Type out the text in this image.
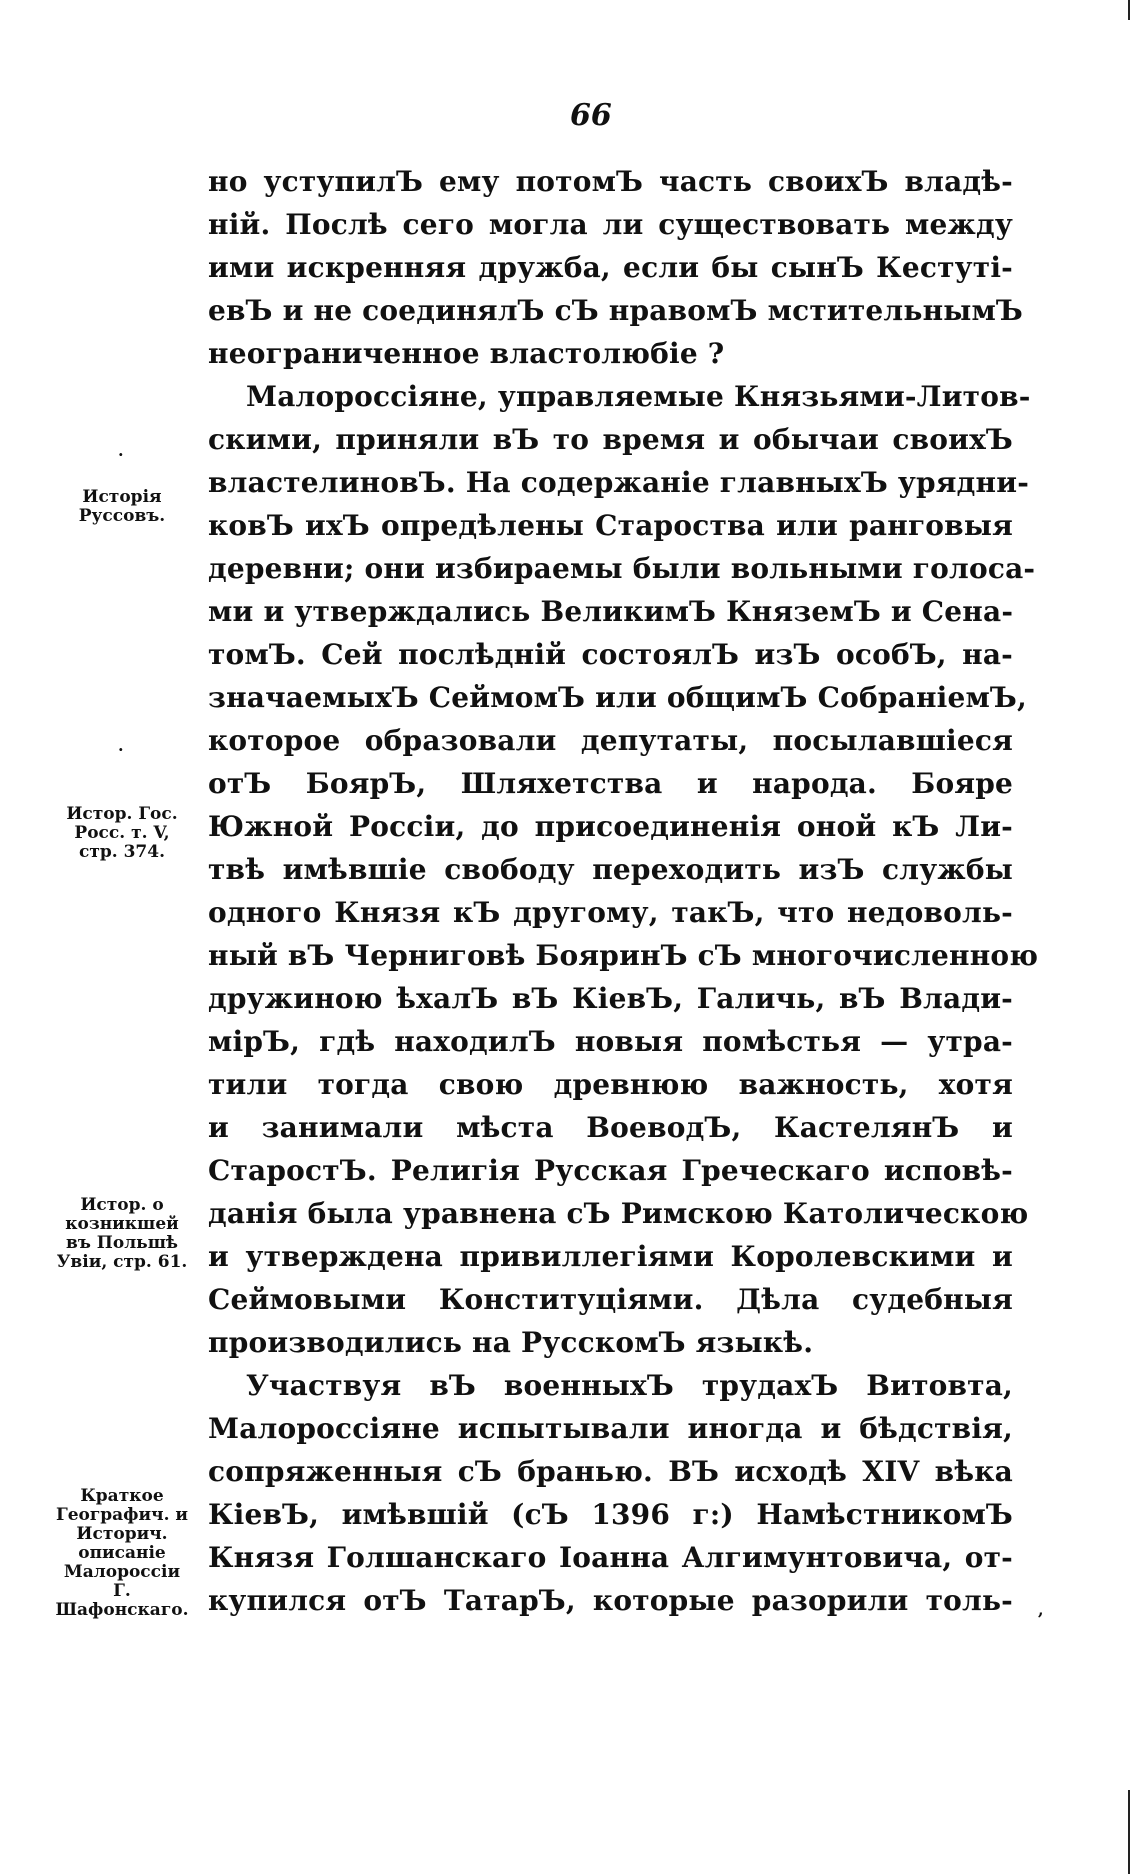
66
но уступилЪ ему потомЪ часть своихЪ владѣ-
ній. Послѣ сего могла ли существовать между
ими искренняя дружба, если бы сынЪ Кестутi-
евЪ и не соединялЪ сЪ нравомЪ мстительнымЪ
неограниченное властолюбіе ?
Малороссiяне, управляемые Князьями-Литов-
скими, приняли вЪ то время и обычаи своихЪ
властелиновЪ. На содержаніе главныхЪ урядни-
ковЪ ихЪ опредѣлены Староства или ранговыя
деревни; они избираемы были вольными голоса-
ми и утверждались ВеликимЪ КняземЪ и Сена-
томЪ. Сей послѣдній состоялЪ изЪ особЪ, на-
значаемыхЪ СеймомЪ или общимЪ СобраніемЪ,
которое образовали депутаты, посылавшіеся
отЪ БоярЪ, Шляхетства и народа. Бояре
Южной Россіи, до присоединенія оной кЪ Ли-
твѣ имѣвшіе свободу переходить изЪ службы
одного Князя кЪ другому, такЪ, что недоволь-
ный вЪ Черниговѣ БояринЪ сЪ многочисленною
дружиною ѣхалЪ вЪ КіевЪ, Галичь, вЪ Влади-
мірЪ, гдѣ находилЪ новыя помѣстья — утра-
тили тогда свою древнюю важность, хотя
и занимали мѣста ВоеводЪ, КастелянЪ и
СтаростЪ. Религія Русская Греческаго исповѣ-
данія была уравнена сЪ Римскою Католическою
и утверждена привиллегіями Королевскими и
Сеймовыми Конституціями. Дѣла судебныя
производились на РусскомЪ языкѣ.
Участвуя вЪ военныхЪ трудахЪ Витовта,
Малороссiяне испытывали иногда и бѣдствія,
сопряженныя сЪ бранью. ВЪ исходѣ XIV вѣка
КіевЪ, имѣвшій (сЪ 1396 г:) НамѣстникомЪ
Князя Голшанскаго Іоанна Алгимунтовича, от-
купился отЪ ТатарЪ, которые разорили толь-
Исторія Руссовъ.
Истор. Гос. Росс. т. V, стр. 374.
Истор. о козникшей въ Польшѣ Увіи, стр. 61.
Краткое Географич. и Историч. описаніе Малороссіи Г. Шафонскаго.
·
·
,
